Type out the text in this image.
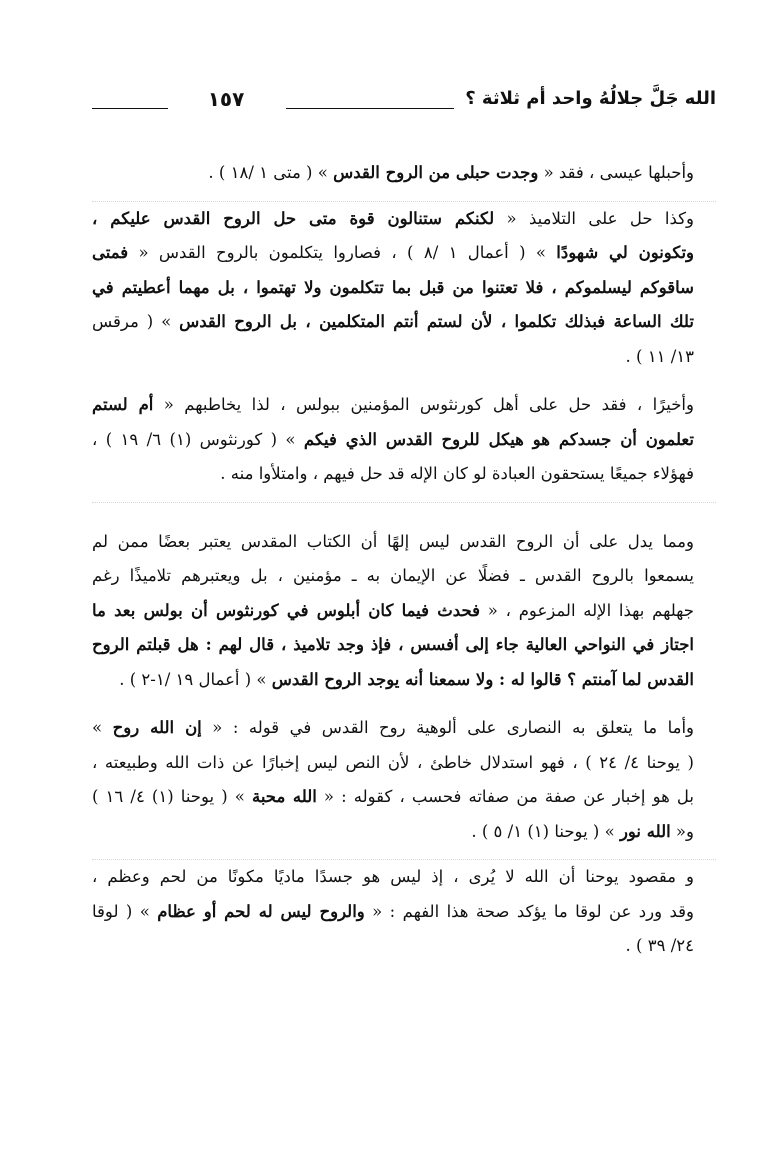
الله جَلَّ جلالُهُ واحد أم ثلاثة ؟
١٥٧
وأحبلها عيسى ، فقد « وجدت حبلى من الروح القدس » ( متى ١ /١٨ ) .
وكذا حل على التلاميذ « لكنكم ستنالون قوة متى حل الروح القدس عليكم ،
وتكونون لي شهودًا » ( أعمال ١ /٨ ) ، فصاروا يتكلمون بالروح القدس « فمتى
ساقوكم ليسلموكم ، فلا تعتنوا من قبل بما تتكلمون ولا تهتموا ، بل مهما أعطيتم في
تلك الساعة فبذلك تكلموا ، لأن لستم أنتم المتكلمين ، بل الروح القدس » ( مرقس
١٣/ ١١ ) .
وأخيرًا ، فقد حل على أهل كورنثوس المؤمنين ببولس ، لذا يخاطبهم « أم لستم
تعلمون أن جسدكم هو هيكل للروح القدس الذي فيكم » ( كورنثوس (١) ٦/ ١٩ ) ،
فهؤلاء جميعًا يستحقون العبادة لو كان الإله قد حل فيهم ، وامتلأوا منه .
ومما يدل على أن الروح القدس ليس إلهًا أن الكتاب المقدس يعتبر بعضًا ممن لم
يسمعوا بالروح القدس ـ فضلًا عن الإيمان به ـ مؤمنين ، بل ويعتبرهم تلاميذًا رغم
جهلهم بهذا الإله المزعوم ، « فحدث فيما كان أبلوس في كورنثوس أن بولس بعد ما
اجتاز في النواحي العالية جاء إلى أفسس ، فإذ وجد تلاميذ ، قال لهم : هل قبلتم الروح
القدس لما آمنتم ؟ قالوا له : ولا سمعنا أنه يوجد الروح القدس » ( أعمال ١٩ /١-٢ ) .
وأما ما يتعلق به النصارى على ألوهية روح القدس في قوله : « إن الله روح »
( يوحنا ٤/ ٢٤ ) ، فهو استدلال خاطئ ، لأن النص ليس إخبارًا عن ذات الله وطبيعته ،
بل هو إخبار عن صفة من صفاته فحسب ، كقوله : « الله محبة » ( يوحنا (١) ٤/ ١٦ )
و« الله نور » ( يوحنا (١) ١/ ٥ ) .
و مقصود يوحنا أن الله لا يُرى ، إذ ليس هو جسدًا ماديًا مكونًا من لحم وعظم ،
وقد ورد عن لوقا ما يؤكد صحة هذا الفهم : « والروح ليس له لحم أو عظام » ( لوقا
٢٤/ ٣٩ ) .
